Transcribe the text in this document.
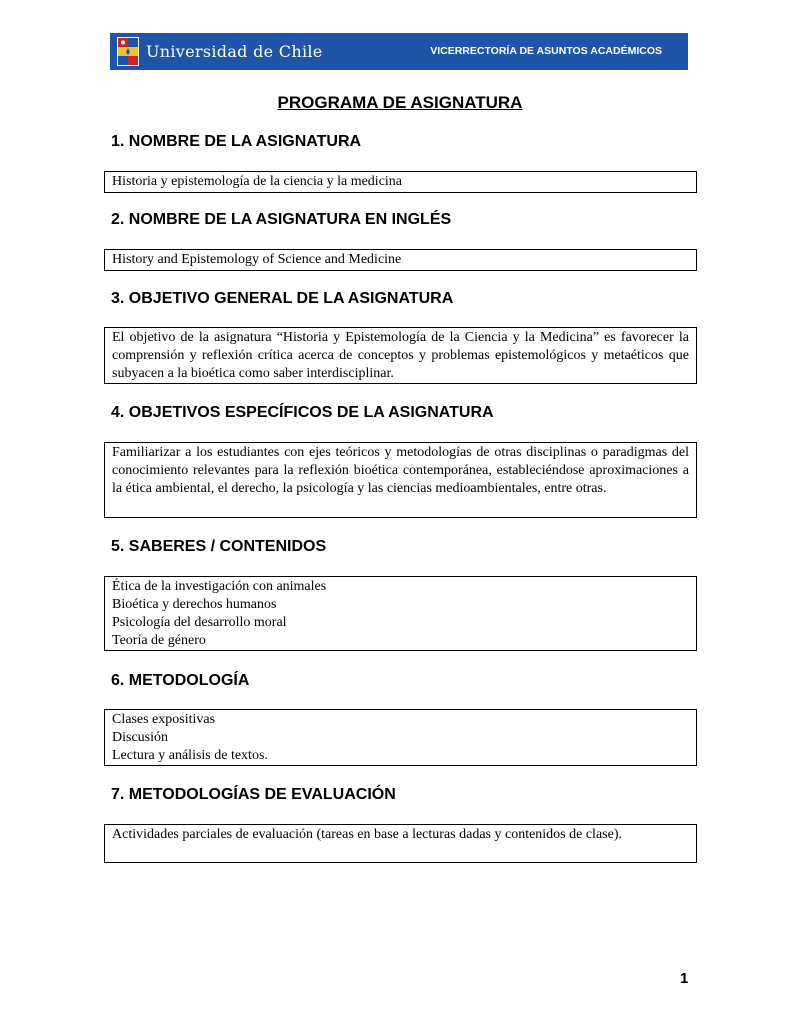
Universidad de Chile	VICERRECTORÍA DE ASUNTOS ACADÉMICOS
PROGRAMA DE ASIGNATURA
1. NOMBRE DE LA ASIGNATURA
Historia y epistemología de la ciencia y la medicina
2. NOMBRE DE LA ASIGNATURA EN INGLÉS
History and Epistemology of Science and Medicine
3. OBJETIVO GENERAL DE LA ASIGNATURA
El objetivo de la asignatura “Historia y Epistemología de la Ciencia y la Medicina” es favorecer la comprensión y reflexión crítica acerca de conceptos y problemas epistemológicos y metaéticos que subyacen a la bioética como saber interdisciplinar.
4. OBJETIVOS ESPECÍFICOS DE LA ASIGNATURA
Familiarizar a los estudiantes con ejes teóricos y metodologías de otras disciplinas o paradigmas del conocimiento relevantes para la reflexión bioética contemporánea, estableciéndose aproximaciones a la ética ambiental, el derecho, la psicología y las ciencias medioambientales, entre otras.
5. SABERES / CONTENIDOS
Ética de la investigación con animales
Bioética y derechos humanos
Psicología del desarrollo moral
Teoría de género
6. METODOLOGÍA
Clases expositivas
Discusión
Lectura y análisis de textos.
7. METODOLOGÍAS DE EVALUACIÓN
Actividades parciales de evaluación (tareas en base a lecturas dadas y contenidos de clase).
1
